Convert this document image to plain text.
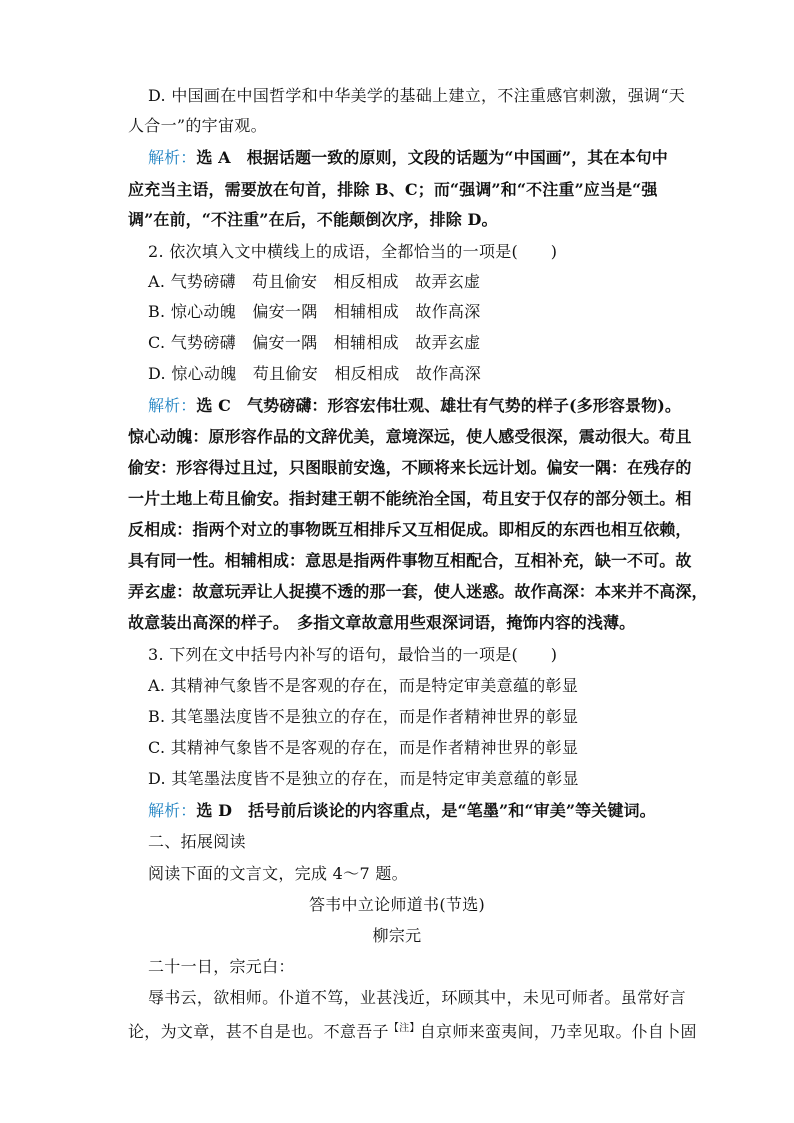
D. 中国画在中国哲学和中华美学的基础上建立，不注重感官刺激，强调“天
人合一”的宇宙观。
解析：选 A　根据话题一致的原则，文段的话题为“中国画”，其在本句中
应充当主语，需要放在句首，排除 B、C；而“强调”和“不注重”应当是“强
调”在前，“不注重”在后，不能颠倒次序，排除 D。
2. 依次填入文中横线上的成语，全都恰当的一项是(　　)
A. 气势磅礴　苟且偷安　相反相成　故弄玄虚
B. 惊心动魄　偏安一隅　相辅相成　故作高深
C. 气势磅礴　偏安一隅　相辅相成　故弄玄虚
D. 惊心动魄　苟且偷安　相反相成　故作高深
解析：选 C　气势磅礴：形容宏伟壮观、雄壮有气势的样子(多形容景物)。
惊心动魄：原形容作品的文辞优美，意境深远，使人感受很深，震动很大。苟且
偷安：形容得过且过，只图眼前安逸，不顾将来长远计划。偏安一隅：在残存的
一片土地上苟且偷安。指封建王朝不能统治全国，苟且安于仅存的部分领土。相
反相成：指两个对立的事物既互相排斥又互相促成。即相反的东西也相互依赖，
具有同一性。相辅相成：意思是指两件事物互相配合，互相补充，缺一不可。故
弄玄虚：故意玩弄让人捉摸不透的那一套，使人迷惑。故作高深：本来并不高深，
故意装出高深的样子。　多指文章故意用些艰深词语，掩饰内容的浅薄。
3. 下列在文中括号内补写的语句，最恰当的一项是(　　)
A. 其精神气象皆不是客观的存在，而是特定审美意蕴的彰显
B. 其笔墨法度皆不是独立的存在，而是作者精神世界的彰显
C. 其精神气象皆不是客观的存在，而是作者精神世界的彰显
D. 其笔墨法度皆不是独立的存在，而是特定审美意蕴的彰显
解析：选 D　括号前后谈论的内容重点，是“笔墨”和“审美”等关键词。
二、拓展阅读
阅读下面的文言文，完成 4～7 题。
答韦中立论师道书(节选)
柳宗元
二十一日，宗元白：
辱书云，欲相师。仆道不笃，业甚浅近，环顾其中，未见可师者。虽常好言
论，为文章，甚不自是也。不意吾子$^{【注】}$自京师来蛮夷间，乃幸见取。仆自卜固
